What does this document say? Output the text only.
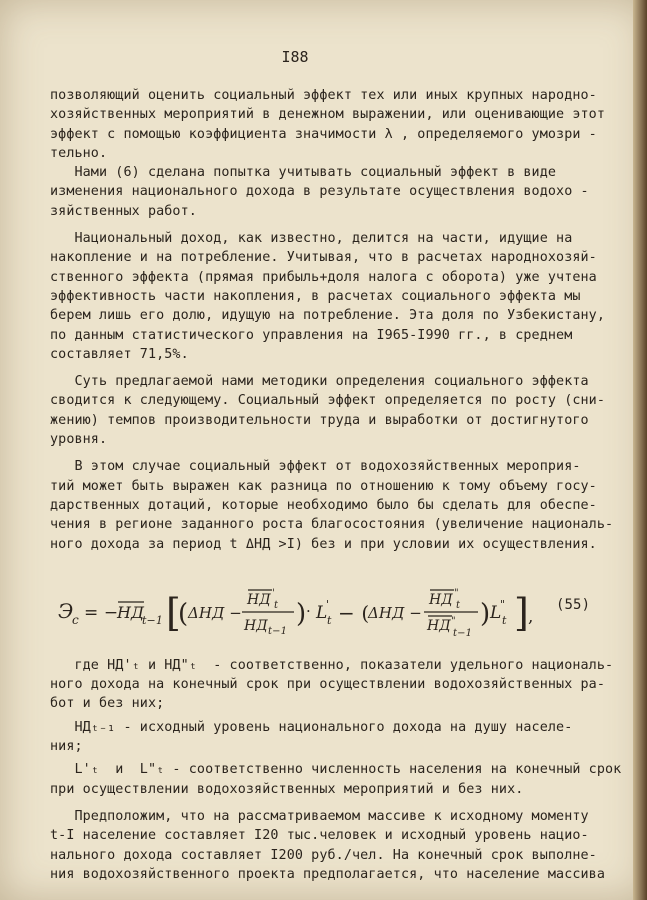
I88
позволяющий оценить социальный эффект тех или иных крупных народно-
хозяйственных мероприятий в денежном выражении, или оценивающие этот
эффект с помощью коэффициента значимости λ , определяемого умозри -
тельно.
Нами (6) сделана попытка учитывать социальный эффект в виде
изменения национального дохода в результате осуществления водохо -
зяйственных работ.
Национальный доход, как известно, делится на части, идущие на
накопление и на потребление. Учитывая, что в расчетах народнохозяй-
ственного эффекта (прямая прибыль+доля налога с оборота) уже учтена
эффективность части накопления, в расчетах социального эффекта мы
берем лишь его долю, идущую на потребление. Эта доля по Узбекистану,
по данным статистического управления на I965-I990 гг., в среднем
составляет 71,5%.
Суть предлагаемой нами методики определения социального эффекта
сводится к следующему. Социальный эффект определяется по росту (сни-
жению) темпов производительности труда и выработки от достигнутого
уровня.
В этом случае социальный эффект от водохозяйственных мероприя-
тий может быть выражен как разница по отношению к тому объему госу-
дарственных дотаций, которые необходимо было бы сделать для обеспе-
чения в регионе заданного роста благосостояния (увеличение националь-
ного дохода за период t ΔНД >I) без и при условии их осуществления.
Э
c = −
НД
t−1 [
( ΔНД −
НД '
t
НД t−1
) · L
'
t − (
ΔНД −
НД "
t
НД "
t−1
) L
"
t ] ,
(55)
где НД'ₜ и НД"ₜ  - соответственно, показатели удельного националь-
ного дохода на конечный срок при осуществлении водохозяйственных ра-
бот и без них;
НДₜ₋₁ - исходный уровень национального дохода на душу населе-
ния;
L'ₜ  и  L"ₜ - соответственно численность населения на конечный срок
при осуществлении водохозяйственных мероприятий и без них.
Предположим, что на рассматриваемом массиве к исходному моменту
t-I население составляет I20 тыс.человек и исходный уровень нацио-
нального дохода составляет I200 руб./чел. На конечный срок выполне-
ния водохозяйственного проекта предполагается, что население массива
